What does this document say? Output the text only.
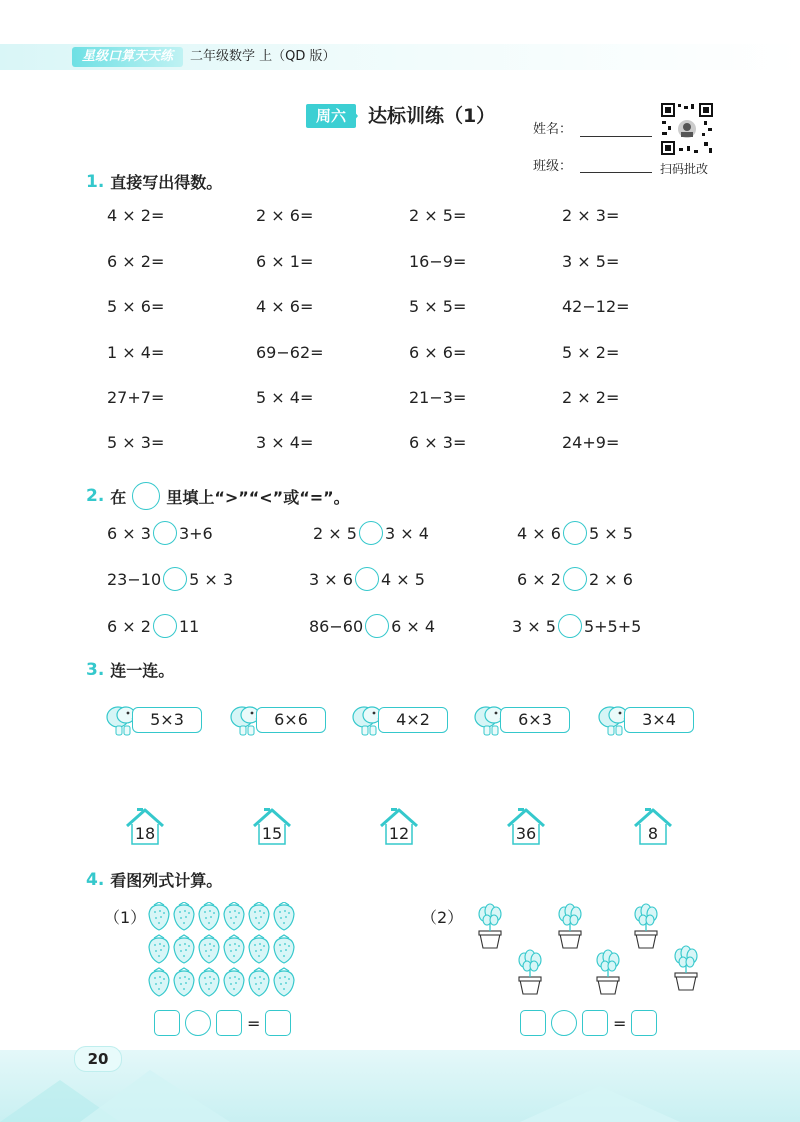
星级口算天天练	二年级数学 上（QD 版）
周六	达标训练（1）
姓名：
班级：	扫码批改
1. 直接写出得数。
4 × 2=	2 × 6=	2 × 5=	2 × 3=
6 × 2=	6 × 1=	16−9=	3 × 5=
5 × 6=	4 × 6=	5 × 5=	42−12=
1 × 4=	69−62=	6 × 6=	5 × 2=
27+7=	5 × 4=	21−3=	2 × 2=
5 × 3=	3 × 4=	6 × 3=	24+9=
2. 在	里填上“>”“<”或“=”。
6 × 3 3+6	2 × 5 3 × 4	4 × 6 5 × 5
23−10 5 × 3	3 × 6 4 × 5	6 × 2 2 × 6
6 × 2 11	86−60 6 × 4	3 × 5 5+5+5
3. 连一连。
5×3	6×6	4×2	6×3	3×4
18	15	12	36	8
4. 看图列式计算。
（1）
=
（2）
=
20
